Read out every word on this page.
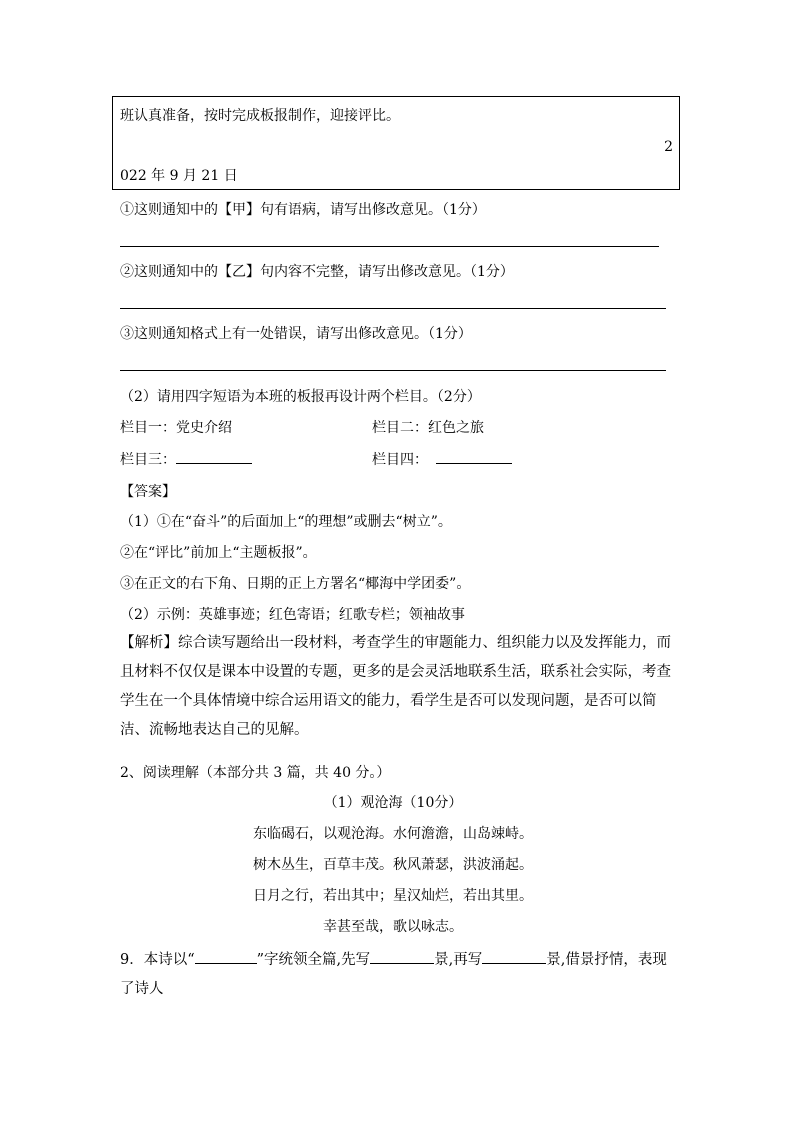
班认真准备，按时完成板报制作，迎接评比。
2
022 年 9 月 21 日
①这则通知中的【甲】句有语病，请写出修改意见。（1分）
②这则通知中的【乙】句内容不完整，请写出修改意见。（1分）
③这则通知格式上有一处错误，请写出修改意见。（1分）
（2）请用四字短语为本班的板报再设计两个栏目。（2分）
栏目一：党史介绍	栏目二：红色之旅
栏目三：	栏目四：
【答案】
（1）①在“奋斗”的后面加上“的理想”或删去“树立”。
②在“评比”前加上“主题板报”。
③在正文的右下角、日期的正上方署名“椰海中学团委”。
（2）示例：英雄事迹；红色寄语；红歌专栏；领袖故事
【解析】综合读写题给出一段材料，考查学生的审题能力、组织能力以及发挥能力，而且材料不仅仅是课本中设置的专题，更多的是会灵活地联系生活，联系社会实际，考查学生在一个具体情境中综合运用语文的能力，看学生是否可以发现问题，是否可以简洁、流畅地表达自己的见解。
2、阅读理解（本部分共 3 篇，共 40 分。）
（1）观沧海（10分）
东临碣石，以观沧海。水何澹澹，山岛竦峙。
树木丛生，百草丰茂。秋风萧瑟，洪波涌起。
日月之行，若出其中；星汉灿烂，若出其里。
幸甚至哉，歌以咏志。
9．本诗以“	”字统领全篇,先写	景,再写	景,借景抒情，表现
了诗人
